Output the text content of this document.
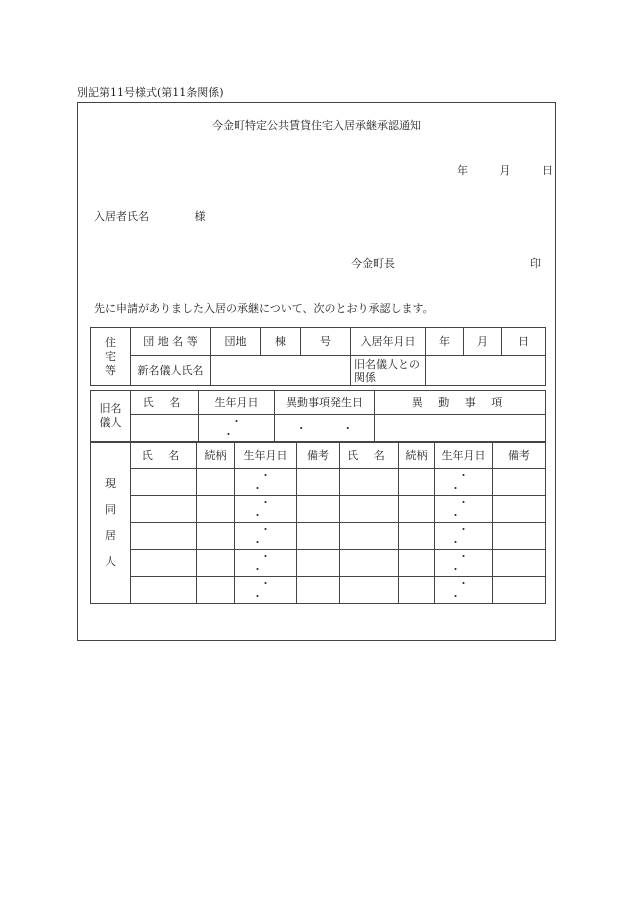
別記第11号様式(第11条関係)
今金町特定公共賃貸住宅入居承継承認通知
年	月	日
入居者氏名	様
今金町長	印
先に申請がありました入居の承継について、次のとおり承認します。
住宅等	団 地 名 等	団地	棟	号	入居年月日	年	月	日
	新名儀人氏名				旧名儀人との関係			
旧名儀人	氏 名	生年月日	異動事項発生日	異 動 事 項
		・ ・	・ ・	
現同居人	氏 名	続柄	生年月日	備考	氏 名	続柄	生年月日	備考
			・ ・				・ ・	
			・ ・				・ ・	
			・ ・				・ ・	
			・ ・				・ ・	
			・ ・				・ ・	
